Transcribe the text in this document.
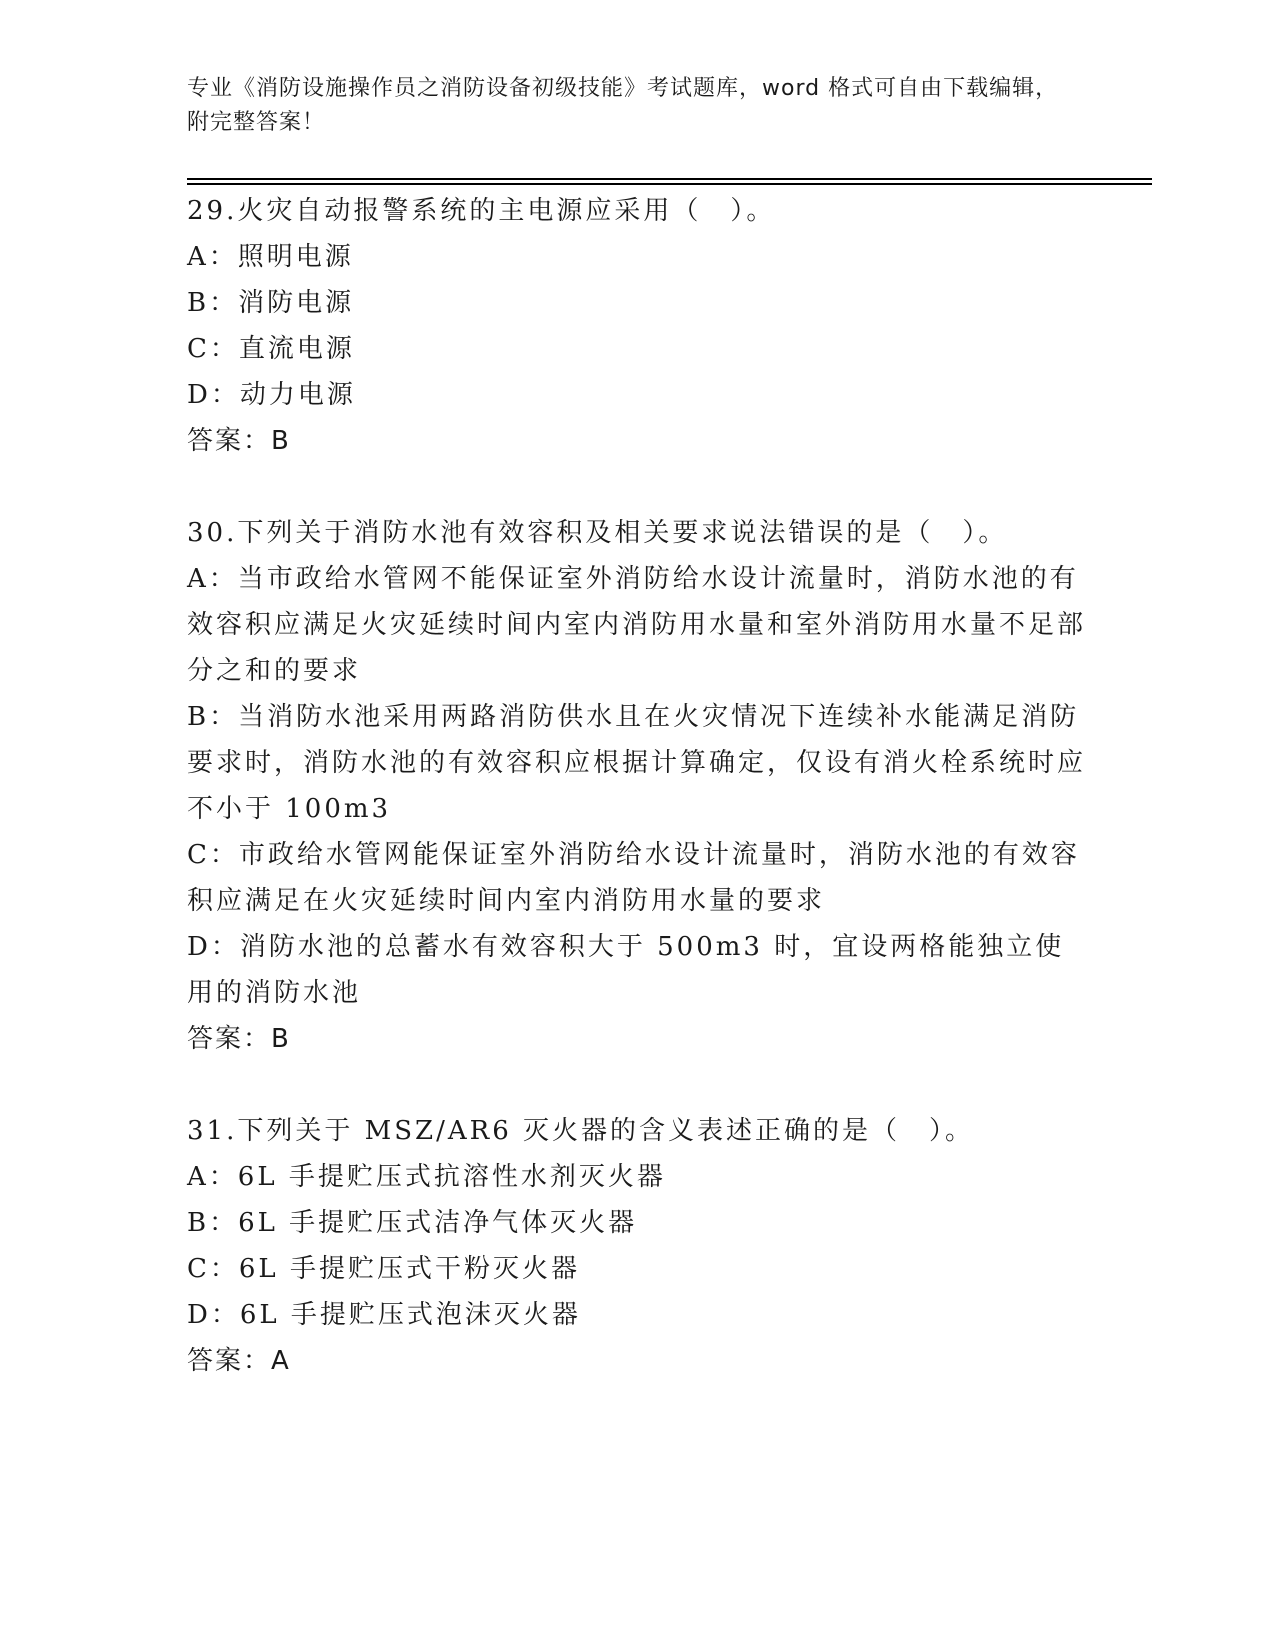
专业《消防设施操作员之消防设备初级技能》考试题库，word 格式可自由下载编辑，附完整答案！

29.火灾自动报警系统的主电源应采用（　）。

A：照明电源

B：消防电源

C：直流电源

D：动力电源

答案：B

30.下列关于消防水池有效容积及相关要求说法错误的是（　）。

A：当市政给水管网不能保证室外消防给水设计流量时，消防水池的有效容积应满足火灾延续时间内室内消防用水量和室外消防用水量不足部分之和的要求

B：当消防水池采用两路消防供水且在火灾情况下连续补水能满足消防要求时，消防水池的有效容积应根据计算确定，仅设有消火栓系统时应不小于 100m3

C：市政给水管网能保证室外消防给水设计流量时，消防水池的有效容积应满足在火灾延续时间内室内消防用水量的要求

D：消防水池的总蓄水有效容积大于 500m3 时，宜设两格能独立使用的消防水池

答案：B

31.下列关于 MSZ/AR6 灭火器的含义表述正确的是（　）。

A：6L 手提贮压式抗溶性水剂灭火器

B：6L 手提贮压式洁净气体灭火器

C：6L 手提贮压式干粉灭火器

D：6L 手提贮压式泡沫灭火器

答案：A
